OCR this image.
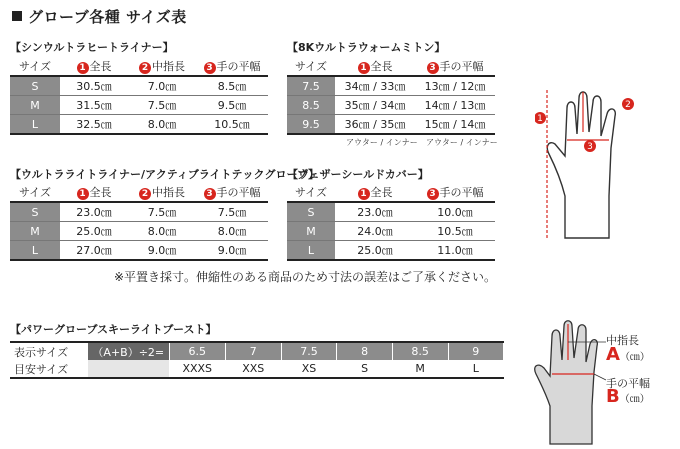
グローブ各種 サイズ表
【シンウルトラヒートライナー】
サイズ	1 全長	2 中指長	3 手の平幅
S	30.5㎝	7.0㎝	8.5㎝
M	31.5㎝	7.5㎝	9.5㎝
L	32.5㎝	8.0㎝	10.5㎝
【8Kウルトラウォームミトン】
サイズ	1 全長	3 手の平幅
7.5	34㎝ / 33㎝	13㎝ / 12㎝
8.5	35㎝ / 34㎝	14㎝ / 13㎝
9.5	36㎝ / 35㎝	15㎝ / 14㎝
アウター / インナー アウター / インナー
1
2
3
【ウルトラライトライナー/アクティブライトテックグローブ】
サイズ	1 全長	2 中指長	3 手の平幅
S	23.0㎝	7.5㎝	7.5㎝
M	25.0㎝	8.0㎝	8.0㎝
L	27.0㎝	9.0㎝	9.0㎝
【ウェザーシールドカバー】
サイズ	1 全長	3 手の平幅
S	23.0㎝	10.0㎝
M	24.0㎝	10.5㎝
L	25.0㎝	11.0㎝
※平置き採寸。伸縮性のある商品のため寸法の誤差はご了承ください。
【パワーグローブスキーライトブースト】
表示サイズ	（A+B）÷2=	6.5	7	7.5	8	8.5	9
目安サイズ		XXXS	XXS	XS	S	M	L
中指長
A（㎝）
手の平幅
B（㎝）
